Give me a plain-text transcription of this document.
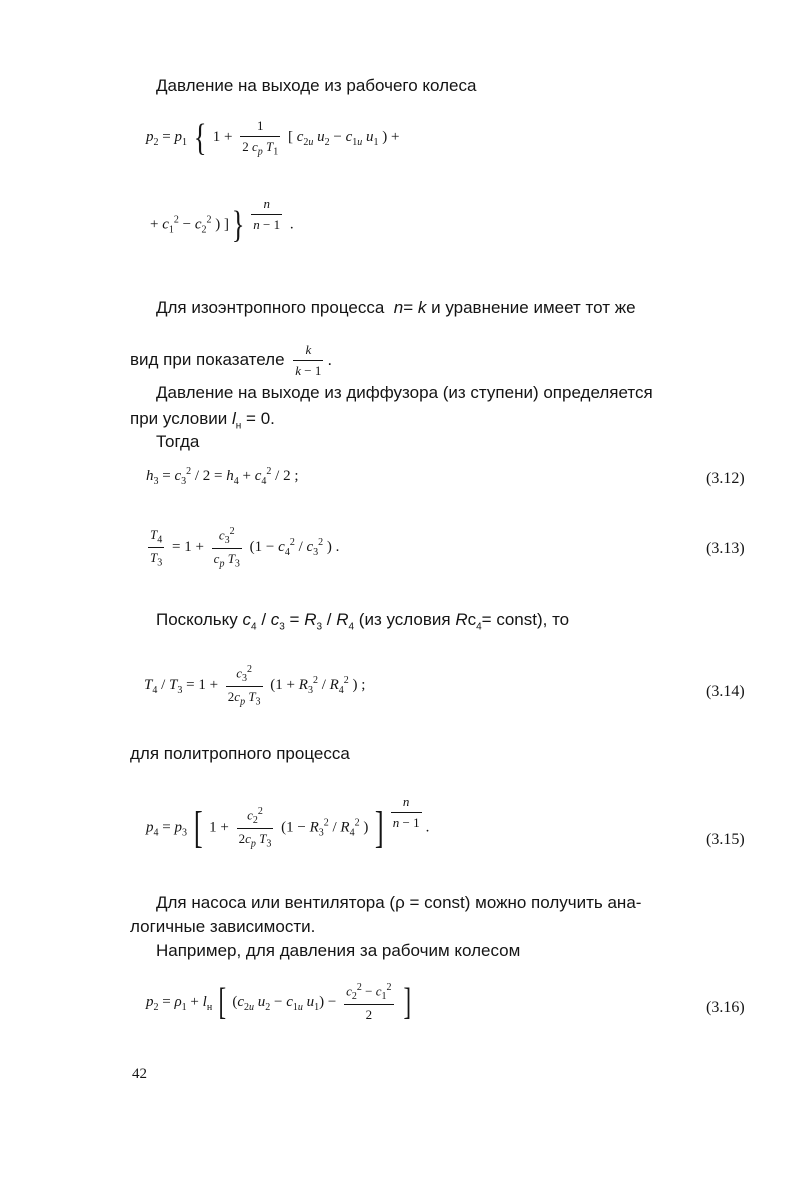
Давление на выходе из рабочего колеса
$p_2 = p_1$ { $1 + \frac{1}{2 c_p T_1}$ [ $c_{2u}$ $u_2 - c_{1u}$ $u_1$ ) +
+ $c_1^2 - c_2^2$ ) ]} $\frac{n}{n - 1}$ .
Для изоэнтропного процесса n= k и уравнение имеет тот же
вид при показателе $\frac{k}{k - 1}$ .
Давление на выходе из диффузора (из ступени) определяется
при условии $l_н = 0$.
Тогда
$h_3 = c_3^2 / 2 = h_4 + c_4^2 / 2$ ;	(3.12)
$\frac{T_4}{T_3} = 1 + \frac{c_3^2}{c_p T_3} (1 - c_4^2 / c_3^2$ ) .	(3.13)
Поскольку $c_4 / c_3 = R_3 / R_4$ (из условия $Rc_4=$ const), то
$T_4 / T_3 = 1 + \frac{c_3^2}{2c_p T_3} (1 + R_3^2 / R_4^2$ ) ;	(3.14)
для политропного процесса
$p_4 = p_3$ [ $1 + \frac{c_2^2}{2c_p T_3} (1 - R_3^2 / R_4^2$ ) ] $\frac{n}{n - 1}$ .
(3.15)
Для насоса или вентилятора (ρ = const) можно получить ана-
логичные зависимости.
Например, для давления за рабочим колесом
$p_2 = \rho_1 + l_н$ [ ($c_{2u}$ $u_2 - c_{1u}$ $u_1) - \frac{c_2^2 - c_1^2}{2}$ ]	(3.16)
42
